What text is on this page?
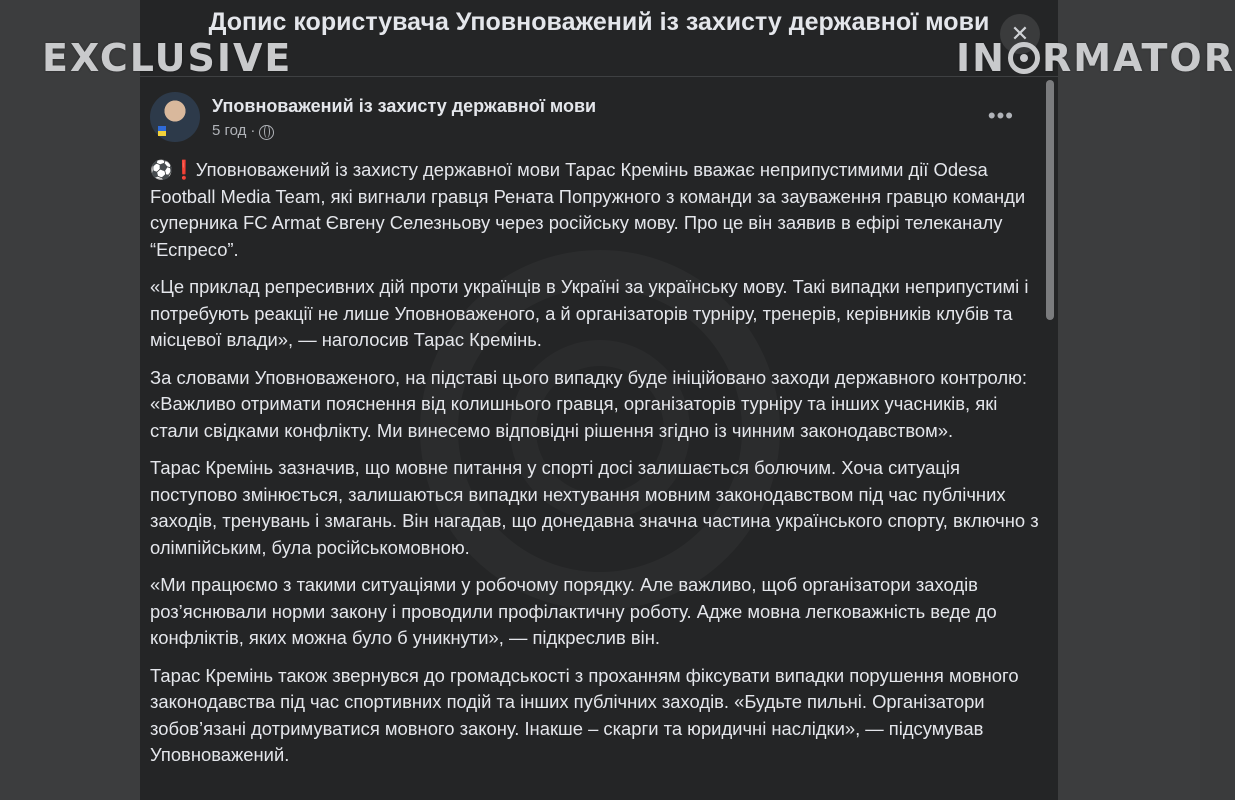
Допис користувача Уповноважений із захисту державної мови ✕
Уповноважений із захисту державної мови
5 год ·
•••

⚽❗Уповноважений із захисту державної мови Тарас Кремінь вважає неприпустимими дії Odesa Football Media Team, які вигнали гравця Рената Попружного з команди за зауваження гравцю команди суперника FC Armat Євгену Селезньову через російську мову. Про це він заявив в ефірі телеканалу “Еспресо”.

«Це приклад репресивних дій проти українців в Україні за українську мову. Такі випадки неприпустимі і потребують реакції не лише Уповноваженого, а й організаторів турніру, тренерів, керівників клубів та місцевої влади», — наголосив Тарас Кремінь.

За словами Уповноваженого, на підставі цього випадку буде ініційовано заходи державного контролю: «Важливо отримати пояснення від колишнього гравця, організаторів турніру та інших учасників, які стали свідками конфлікту. Ми винесемо відповідні рішення згідно із чинним законодавством».

Тарас Кремінь зазначив, що мовне питання у спорті досі залишається болючим. Хоча ситуація поступово змінюється, залишаються випадки нехтування мовним законодавством під час публічних заходів, тренувань і змагань. Він нагадав, що донедавна значна частина українського спорту, включно з олімпійським, була російськомовною.

«Ми працюємо з такими ситуаціями у робочому порядку. Але важливо, щоб організатори заходів роз’яснювали норми закону і проводили профілактичну роботу. Адже мовна легковажність веде до конфліктів, яких можна було б уникнути», — підкреслив він.

Тарас Кремінь також звернувся до громадськості з проханням фіксувати випадки порушення мовного законодавства під час спортивних подій та інших публічних заходів. «Будьте пильні. Організатори зобов’язані дотримуватися мовного закону. Інакше – скарги та юридичні наслідки», — підсумував Уповноважений.

EXCLUSIVE	IN RMATOR
